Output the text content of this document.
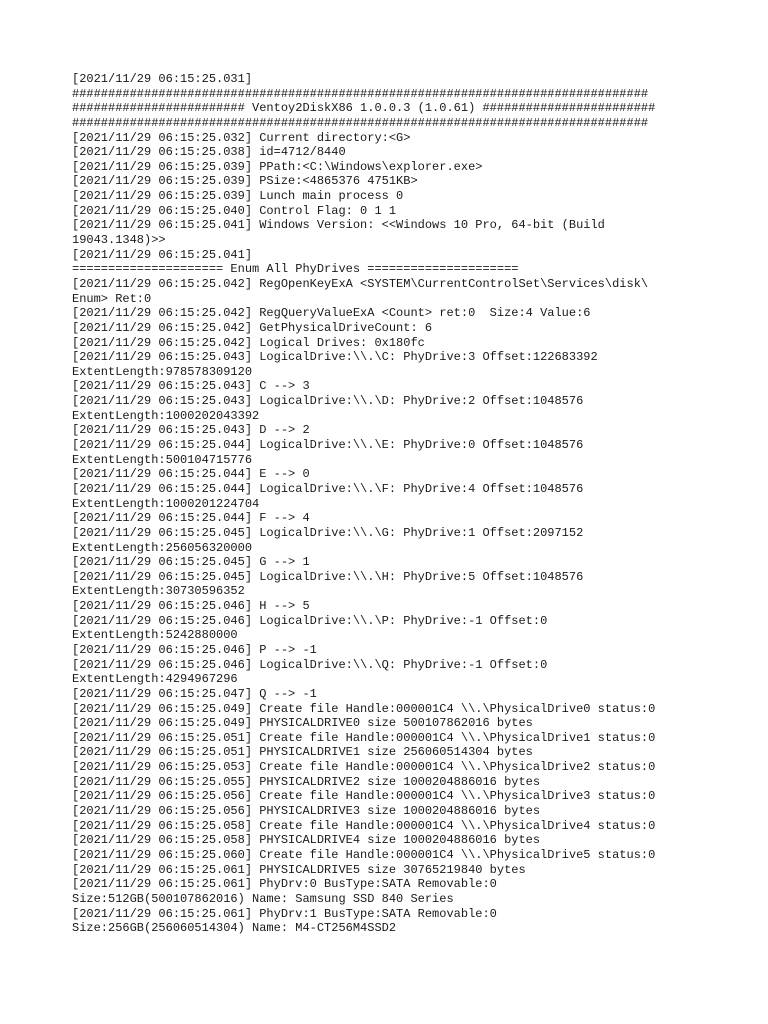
[2021/11/29 06:15:25.031]
################################################################################
######################## Ventoy2DiskX86 1.0.0.3 (1.0.61) ########################
################################################################################
[2021/11/29 06:15:25.032] Current directory:<G>
[2021/11/29 06:15:25.038] id=4712/8440
[2021/11/29 06:15:25.039] PPath:<C:\Windows\explorer.exe>
[2021/11/29 06:15:25.039] PSize:<4865376 4751KB>
[2021/11/29 06:15:25.039] Lunch main process 0
[2021/11/29 06:15:25.040] Control Flag: 0 1 1
[2021/11/29 06:15:25.041] Windows Version: <<Windows 10 Pro, 64-bit (Build
19043.1348)>>
[2021/11/29 06:15:25.041]
===================== Enum All PhyDrives =====================
[2021/11/29 06:15:25.042] RegOpenKeyExA <SYSTEM\CurrentControlSet\Services\disk\
Enum> Ret:0
[2021/11/29 06:15:25.042] RegQueryValueExA <Count> ret:0  Size:4 Value:6
[2021/11/29 06:15:25.042] GetPhysicalDriveCount: 6
[2021/11/29 06:15:25.042] Logical Drives: 0x180fc
[2021/11/29 06:15:25.043] LogicalDrive:\\.\C: PhyDrive:3 Offset:122683392
ExtentLength:978578309120
[2021/11/29 06:15:25.043] C --> 3
[2021/11/29 06:15:25.043] LogicalDrive:\\.\D: PhyDrive:2 Offset:1048576
ExtentLength:1000202043392
[2021/11/29 06:15:25.043] D --> 2
[2021/11/29 06:15:25.044] LogicalDrive:\\.\E: PhyDrive:0 Offset:1048576
ExtentLength:500104715776
[2021/11/29 06:15:25.044] E --> 0
[2021/11/29 06:15:25.044] LogicalDrive:\\.\F: PhyDrive:4 Offset:1048576
ExtentLength:1000201224704
[2021/11/29 06:15:25.044] F --> 4
[2021/11/29 06:15:25.045] LogicalDrive:\\.\G: PhyDrive:1 Offset:2097152
ExtentLength:256056320000
[2021/11/29 06:15:25.045] G --> 1
[2021/11/29 06:15:25.045] LogicalDrive:\\.\H: PhyDrive:5 Offset:1048576
ExtentLength:30730596352
[2021/11/29 06:15:25.046] H --> 5
[2021/11/29 06:15:25.046] LogicalDrive:\\.\P: PhyDrive:-1 Offset:0
ExtentLength:5242880000
[2021/11/29 06:15:25.046] P --> -1
[2021/11/29 06:15:25.046] LogicalDrive:\\.\Q: PhyDrive:-1 Offset:0
ExtentLength:4294967296
[2021/11/29 06:15:25.047] Q --> -1
[2021/11/29 06:15:25.049] Create file Handle:000001C4 \\.\PhysicalDrive0 status:0
[2021/11/29 06:15:25.049] PHYSICALDRIVE0 size 500107862016 bytes
[2021/11/29 06:15:25.051] Create file Handle:000001C4 \\.\PhysicalDrive1 status:0
[2021/11/29 06:15:25.051] PHYSICALDRIVE1 size 256060514304 bytes
[2021/11/29 06:15:25.053] Create file Handle:000001C4 \\.\PhysicalDrive2 status:0
[2021/11/29 06:15:25.055] PHYSICALDRIVE2 size 1000204886016 bytes
[2021/11/29 06:15:25.056] Create file Handle:000001C4 \\.\PhysicalDrive3 status:0
[2021/11/29 06:15:25.056] PHYSICALDRIVE3 size 1000204886016 bytes
[2021/11/29 06:15:25.058] Create file Handle:000001C4 \\.\PhysicalDrive4 status:0
[2021/11/29 06:15:25.058] PHYSICALDRIVE4 size 1000204886016 bytes
[2021/11/29 06:15:25.060] Create file Handle:000001C4 \\.\PhysicalDrive5 status:0
[2021/11/29 06:15:25.061] PHYSICALDRIVE5 size 30765219840 bytes
[2021/11/29 06:15:25.061] PhyDrv:0 BusType:SATA Removable:0
Size:512GB(500107862016) Name: Samsung SSD 840 Series
[2021/11/29 06:15:25.061] PhyDrv:1 BusType:SATA Removable:0
Size:256GB(256060514304) Name: M4-CT256M4SSD2
